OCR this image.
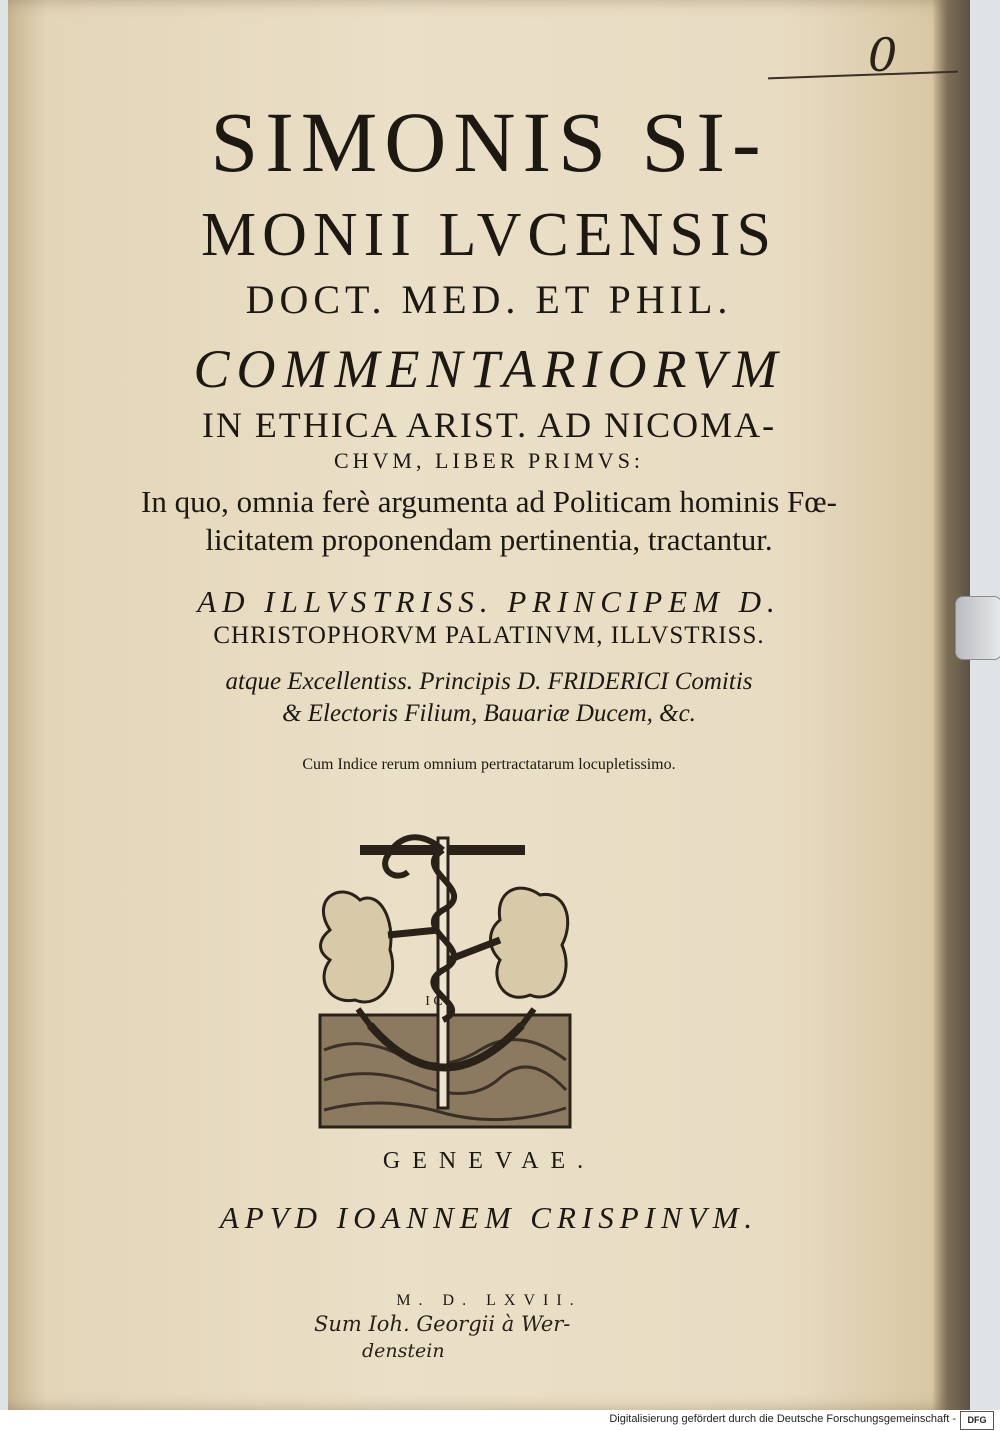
0
SIMONIS SI-
MONII LVCENSIS
DOCT. MED. ET PHIL.
COMMENTARIORVM
IN ETHICA ARIST. AD NICOMA-
CHVM, LIBER PRIMVS:
In quo, omnia ferè argumenta ad Politicam hominis Fœ-
licitatem proponendam pertinentia, tractantur.
AD ILLVSTRISS. PRINCIPEM D.
CHRISTOPHORVM PALATINVM, ILLVSTRISS.
atque Excellentiss. Principis D. FRIDERICI Comitis
& Electoris Filium, Bauariæ Ducem, &c.
Cum Indice rerum omnium pertractatarum locupletissimo.
I C
GENEVAE.
APVD IOANNEM CRISPINVM.
M. D. LXVII.
Sum Ioh. Georgii à Wer-
denstein
Digitalisierung gefördert durch die Deutsche Forschungsgemeinschaft -	DFG
